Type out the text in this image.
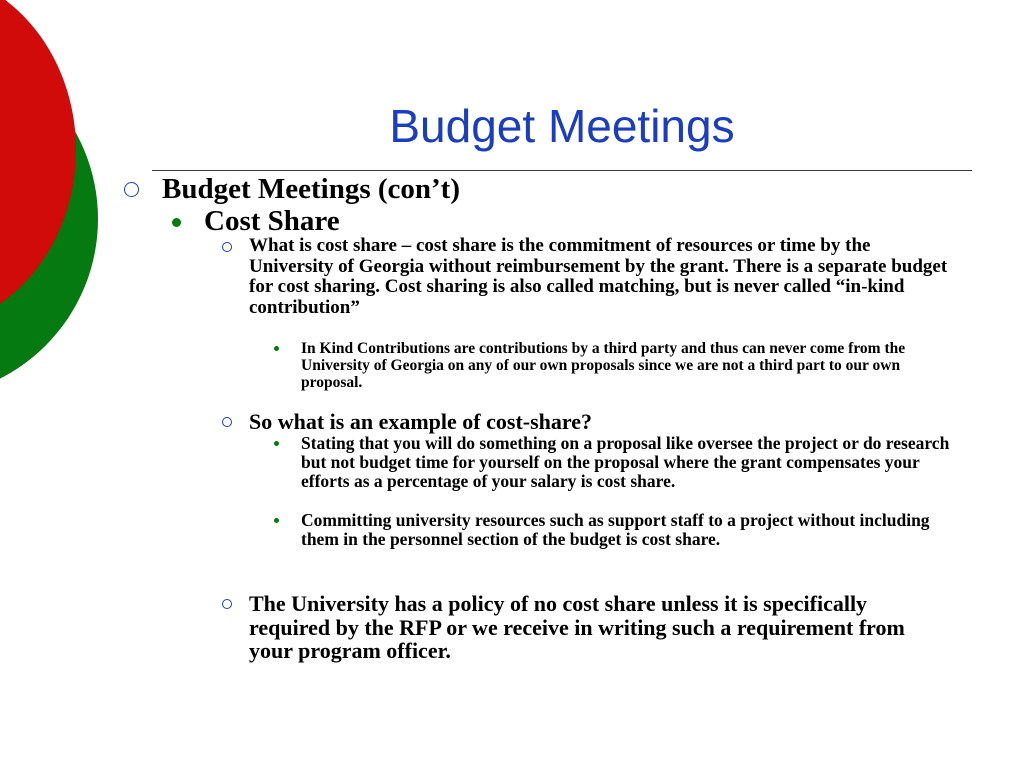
Budget Meetings
Budget Meetings (con’t)
Cost Share
What is cost share – cost share is the commitment of resources or time by the University of Georgia without reimbursement by the grant. There is a separate budget for cost sharing. Cost sharing is also called matching, but is never called “in-kind contribution”
In Kind Contributions are contributions by a third party and thus can never come from the University of Georgia on any of our own proposals since we are not a third part to our own proposal.
So what is an example of cost-share?
Stating that you will do something on a proposal like oversee the project or do research but not budget time for yourself on the proposal where the grant compensates your efforts as a percentage of your salary is cost share.
Committing university resources such as support staff to a project without including them in the personnel section of the budget is cost share.
The University has a policy of no cost share unless it is specifically required by the RFP or we receive in writing such a requirement from your program officer.
